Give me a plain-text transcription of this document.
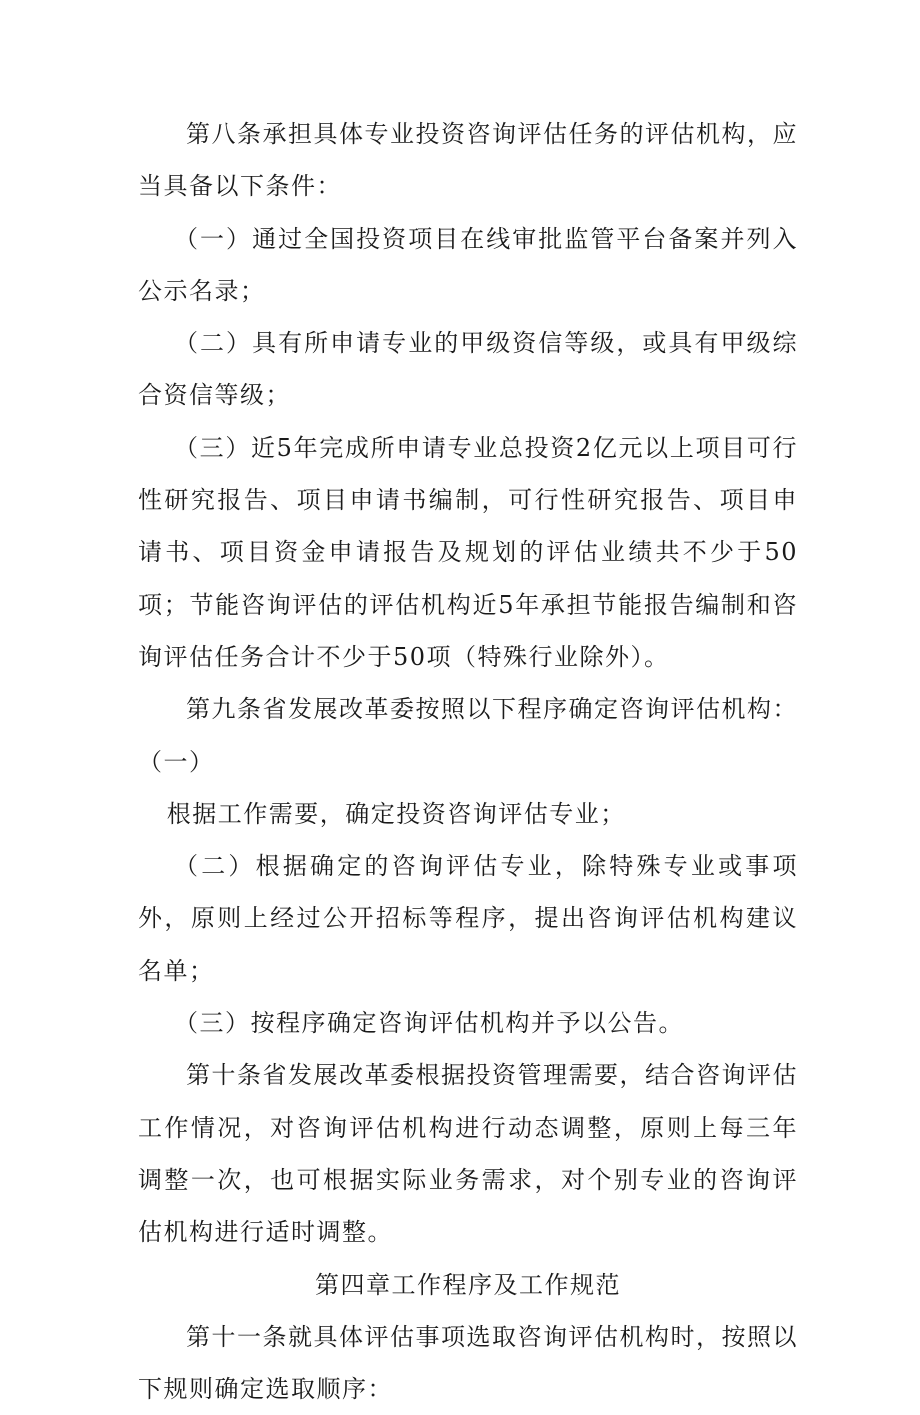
第八条承担具体专业投资咨询评估任务的评估机构，应当具备以下条件：

（一）通过全国投资项目在线审批监管平台备案并列入公示名录；

（二）具有所申请专业的甲级资信等级，或具有甲级综合资信等级；

（三）近5年完成所申请专业总投资2亿元以上项目可行性研究报告、项目申请书编制，可行性研究报告、项目申请书、项目资金申请报告及规划的评估业绩共不少于50项；节能咨询评估的评估机构近5年承担节能报告编制和咨询评估任务合计不少于50项（特殊行业除外）。

第九条省发展改革委按照以下程序确定咨询评估机构：（一）

根据工作需要，确定投资咨询评估专业；

（二）根据确定的咨询评估专业，除特殊专业或事项外，原则上经过公开招标等程序，提出咨询评估机构建议名单；

（三）按程序确定咨询评估机构并予以公告。

第十条省发展改革委根据投资管理需要，结合咨询评估工作情况，对咨询评估机构进行动态调整，原则上每三年调整一次，也可根据实际业务需求，对个别专业的咨询评估机构进行适时调整。

第四章工作程序及工作规范

第十一条就具体评估事项选取咨询评估机构时，按照以下规则确定选取顺序：
